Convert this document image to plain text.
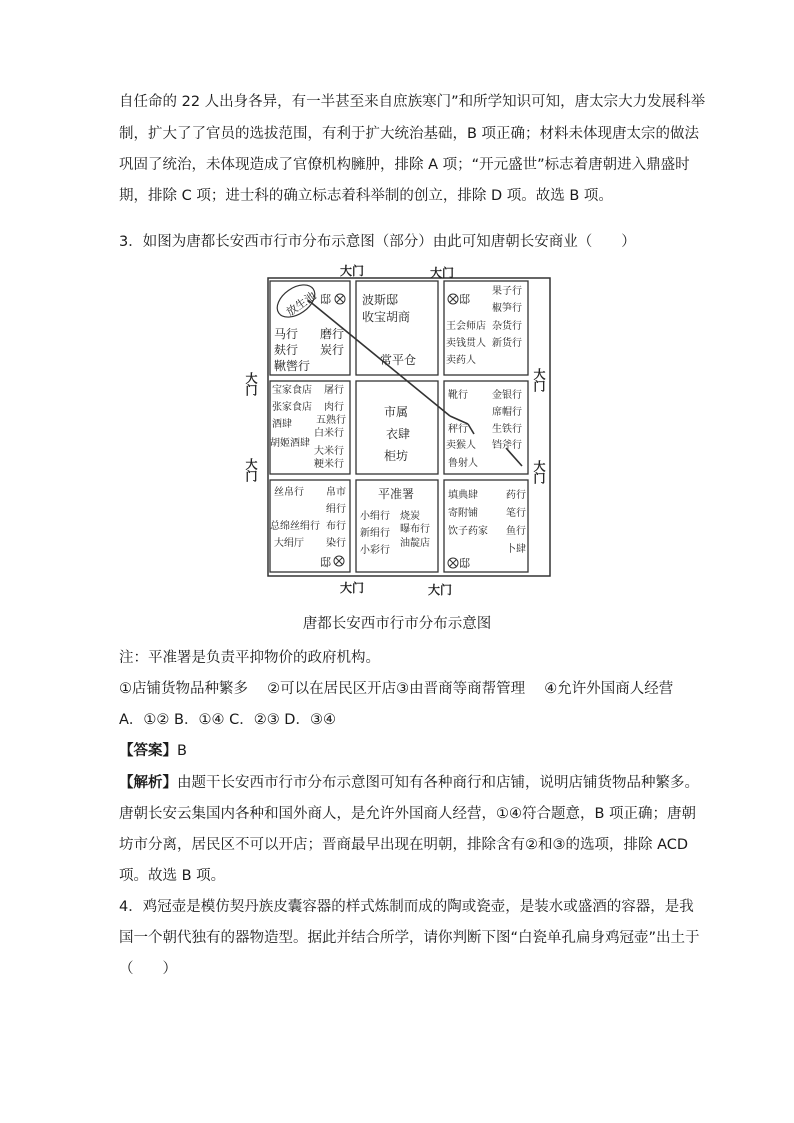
自任命的 22 人出身各异，有一半甚至来自庶族寒门”和所学知识可知，唐太宗大力发展科举
制，扩大了了官员的选拔范围，有利于扩大统治基础，B 项正确；材料未体现唐太宗的做法
巩固了统治，未体现造成了官僚机构臃肿，排除 A 项；“开元盛世”标志着唐朝进入鼎盛时
期，排除 C 项；进士科的确立标志着科举制的创立，排除 D 项。故选 B 项。
3．如图为唐都长安西市行市分布示意图（部分）由此可知唐朝长安商业（　　）
大门	大门
大门	大门
大门
大门
大门
大门
放生池 邸	邸
邸	邸
马行 磨行
麸行 炭行
鞦辔行
波斯邸
收宝胡商
常平仓
果子行
椒笋行
王会师店 杂货行
卖钱贯人 新货行
卖药人
宝家食店 屠行
张家食店 肉行
酒肆 五熟行
白米行
胡姬酒肆
大米行
粳米行
市属
衣肆
柜坊
靴行 金银行
席帽行
秤行 生铁行
卖猴人 铛斧行
鲁射人
丝帛行 帛市
绢行
总绵丝绢行 布行
大绢厅 染行
平准署
小绢行 烧炭
新绢行 曝布行
小彩行
油靛店
填典肆	药行
寄附铺	笔行
饮子药家 鱼行
卜肆
唐都长安西市行市分布示意图
注：平准署是负责平抑物价的政府机构。
①店铺货物品种繁多　 ②可以在居民区开店③由晋商等商帮管理　 ④允许外国商人经营
A．①② B．①④ C．②③ D．③④
【答案】B
【解析】由题干长安西市行市分布示意图可知有各种商行和店铺，说明店铺货物品种繁多。
唐朝长安云集国内各种和国外商人，是允许外国商人经营，①④符合题意，B 项正确；唐朝
坊市分离，居民区不可以开店；晋商最早出现在明朝，排除含有②和③的选项，排除 ACD
项。故选 B 项。
4．鸡冠壶是模仿契丹族皮囊容器的样式炼制而成的陶或瓷壶，是装水或盛酒的容器，是我
国一个朝代独有的器物造型。据此并结合所学，请你判断下图“白瓷单孔扁身鸡冠壶”出土于
（　　）
